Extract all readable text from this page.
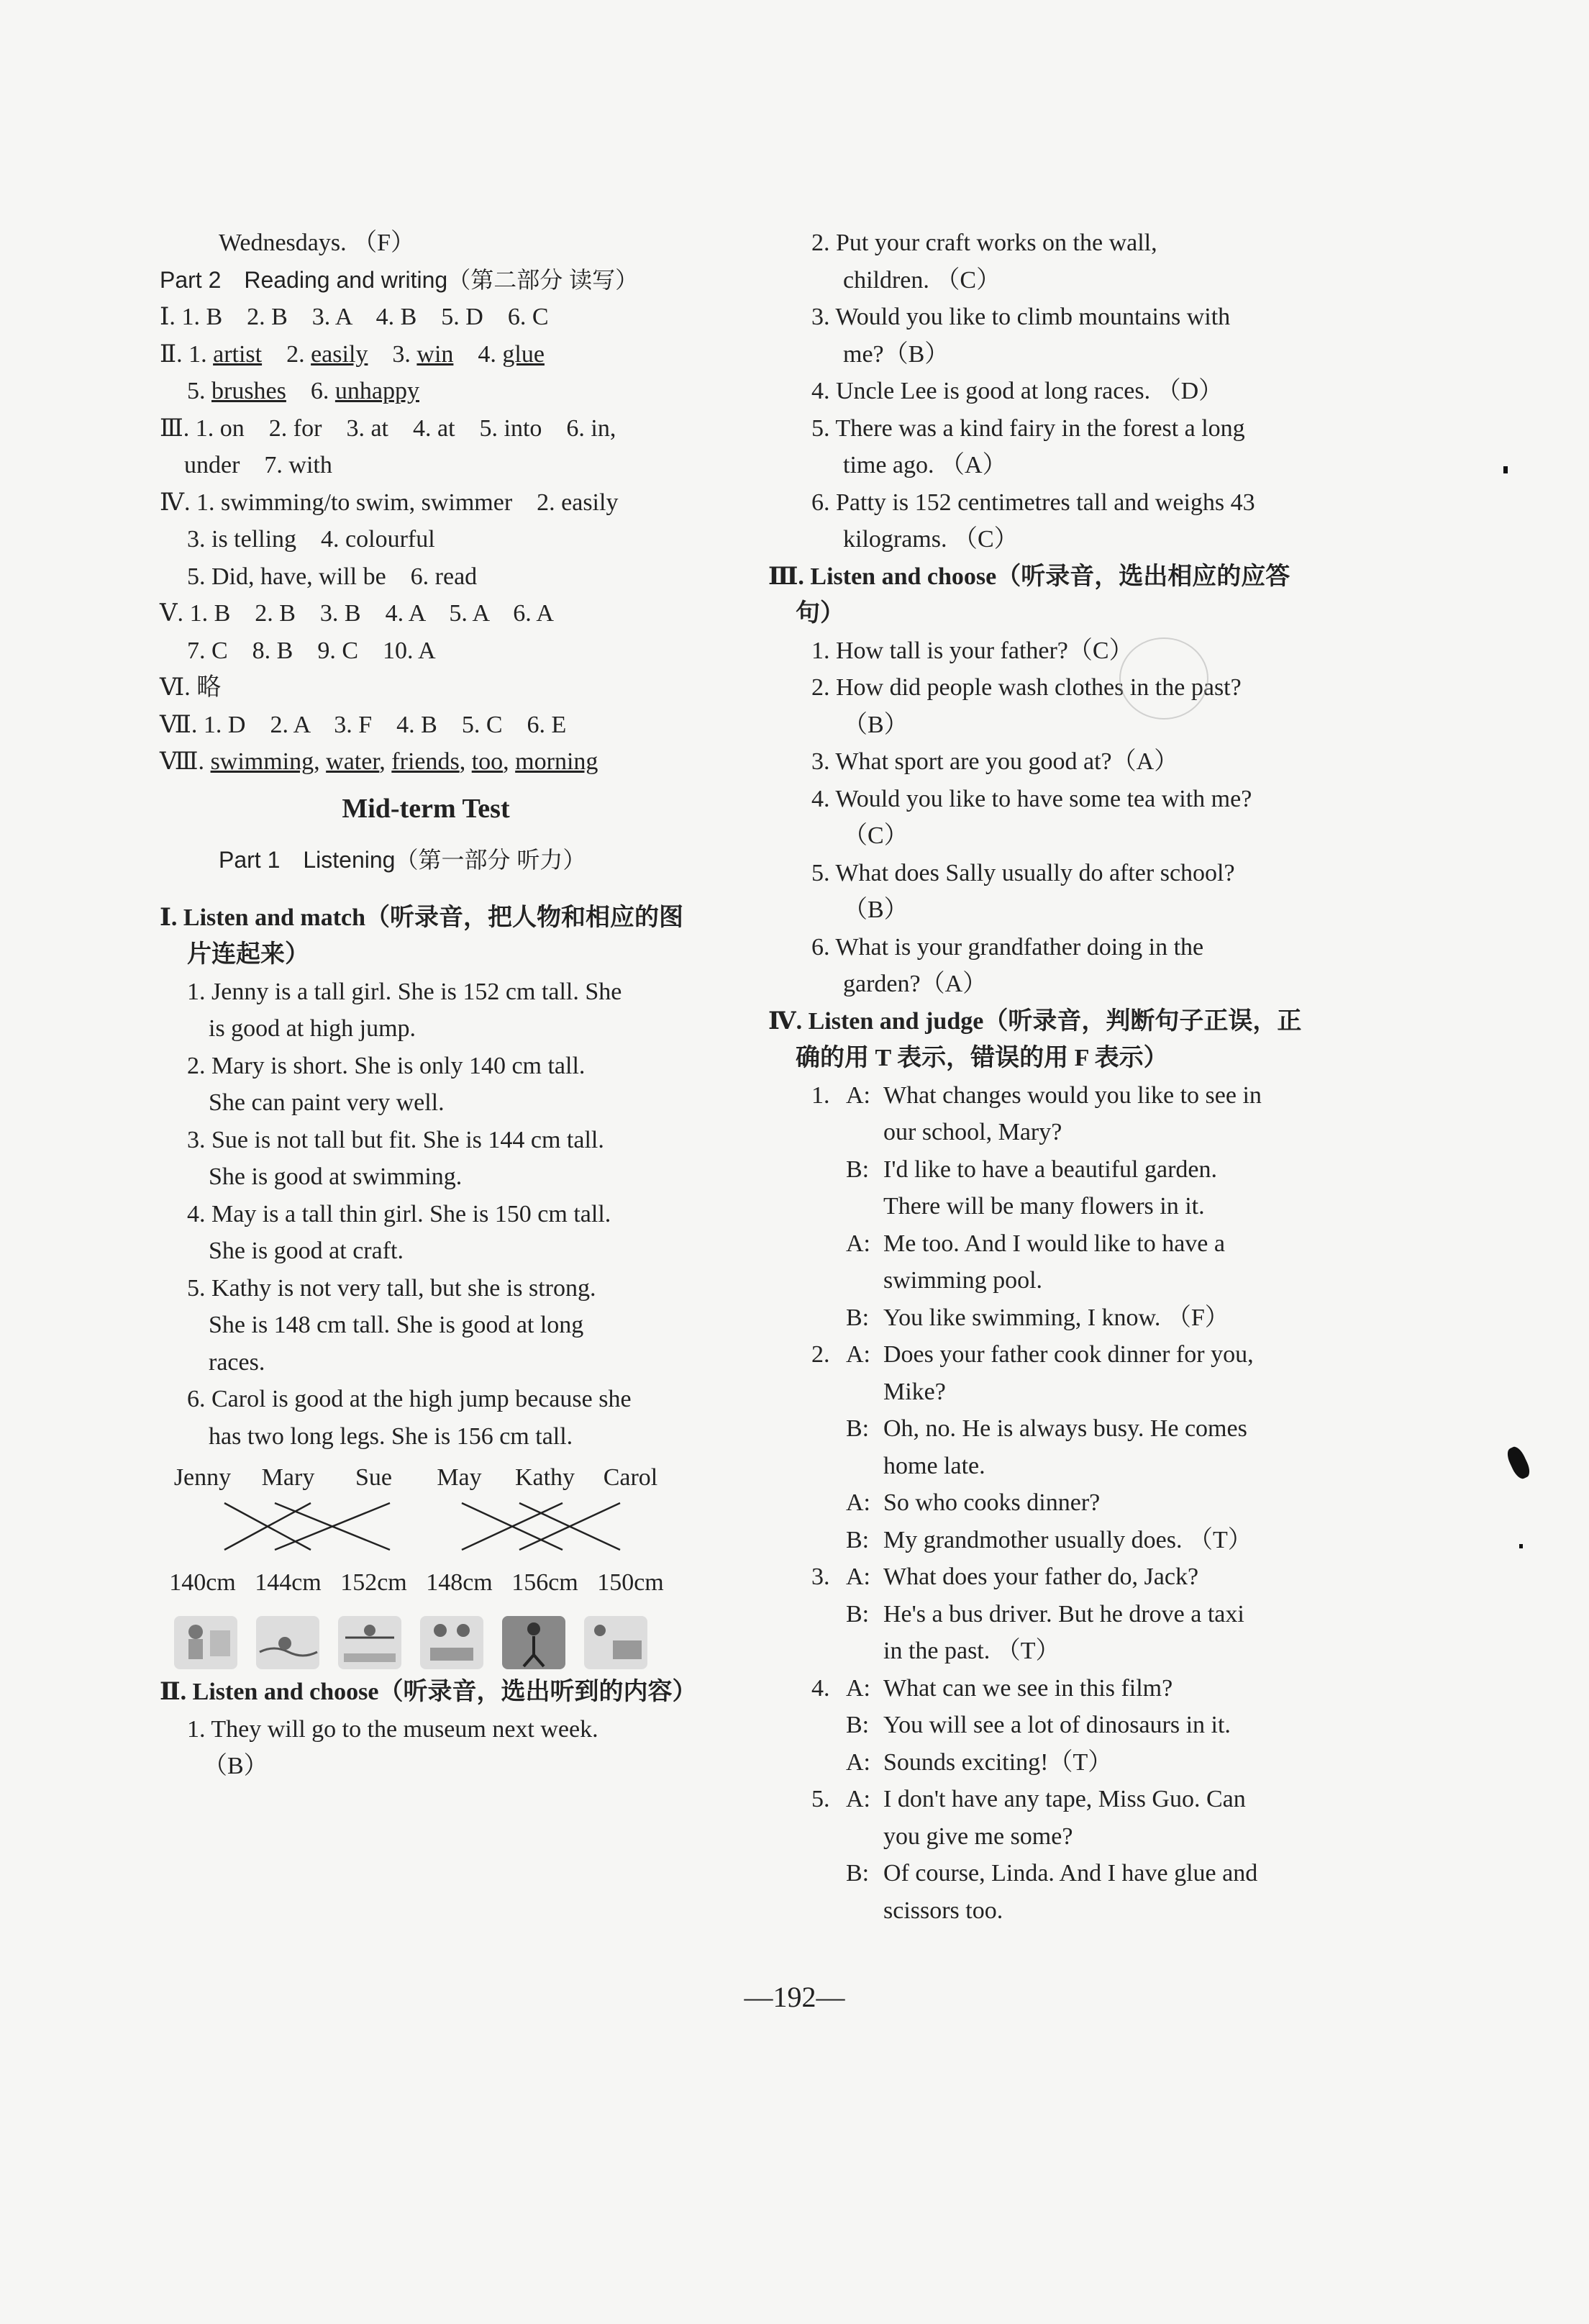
Wednesdays. （F）
Part 2　Reading and writing（第二部分 读写）
Ⅰ. 1. B　2. B　3. A　4. B　5. D　6. C
Ⅱ. 1. artist　2. easily　3. win　4. glue
5. brushes　6. unhappy
Ⅲ. 1. on　2. for　3. at　4. at　5. into　6. in,
under　7. with
Ⅳ. 1. swimming/to swim, swimmer　2. easily
3. is telling　4. colourful
5. Did, have, will be　6. read
Ⅴ. 1. B　2. B　3. B　4. A　5. A　6. A
7. C　8. B　9. C　10. A
Ⅵ. 略
Ⅶ. 1. D　2. A　3. F　4. B　5. C　6. E
Ⅷ. swimming, water, friends, too, morning
Mid-term Test
Part 1　Listening（第一部分 听力）
Ⅰ. Listen and match（听录音，把人物和相应的图
片连起来）
1. Jenny is a tall girl. She is 152 cm tall. She
is good at high jump.
2. Mary is short. She is only 140 cm tall.
She can paint very well.
3. Sue is not tall but fit. She is 144 cm tall.
She is good at swimming.
4. May is a tall thin girl. She is 150 cm tall.
She is good at craft.
5. Kathy is not very tall, but she is strong.
She is 148 cm tall. She is good at long
races.
6. Carol is good at the high jump because she
has two long legs. She is 156 cm tall.
Jenny	Mary	Sue	May	Kathy	Carol
140cm 144cm 152cm 148cm 156cm 150cm
Ⅱ. Listen and choose（听录音，选出听到的内容）
1. They will go to the museum next week.
（B）
2. Put your craft works on the wall,
children. （C）
3. Would you like to climb mountains with
me?（B）
4. Uncle Lee is good at long races. （D）
5. There was a kind fairy in the forest a long
time ago. （A）
6. Patty is 152 centimetres tall and weighs 43
kilograms. （C）
Ⅲ. Listen and choose（听录音，选出相应的应答
句）
1. How tall is your father?（C）
2. How did people wash clothes in the past?
（B）
3. What sport are you good at?（A）
4. Would you like to have some tea with me?
（C）
5. What does Sally usually do after school?
（B）
6. What is your grandfather doing in the
garden?（A）
Ⅳ. Listen and judge（听录音，判断句子正误，正
确的用 T 表示，错误的用 F 表示）
1. A: What changes would you like to see in
our school, Mary?
B: I'd like to have a beautiful garden.
There will be many flowers in it.
A: Me too. And I would like to have a
swimming pool.
B: You like swimming, I know. （F）
2. A: Does your father cook dinner for you,
Mike?
B: Oh, no. He is always busy. He comes
home late.
A: So who cooks dinner?
B: My grandmother usually does. （T）
3. A: What does your father do, Jack?
B: He's a bus driver. But he drove a taxi
in the past. （T）
4. A: What can we see in this film?
B: You will see a lot of dinosaurs in it.
A: Sounds exciting!（T）
5. A: I don't have any tape, Miss Guo. Can
you give me some?
B: Of course, Linda. And I have glue and
scissors too.
—192—
